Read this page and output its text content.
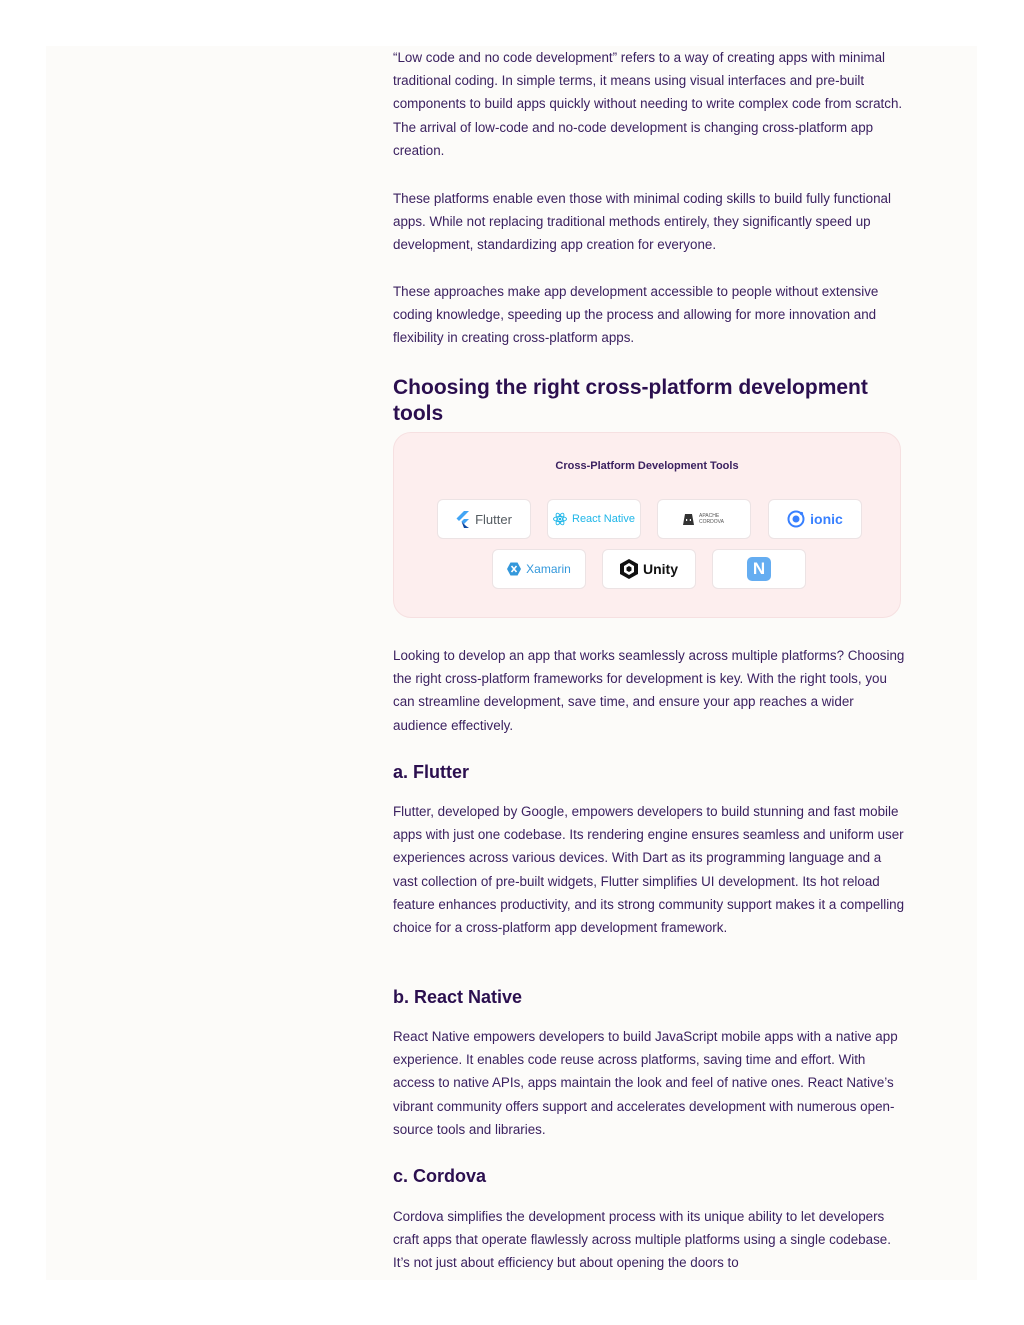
“Low code and no code development” refers to a way of creating apps with minimal traditional coding. In simple terms, it means using visual interfaces and pre-built components to build apps quickly without needing to write complex code from scratch. The arrival of low-code and no-code development is changing cross-platform app creation.

These platforms enable even those with minimal coding skills to build fully functional apps. While not replacing traditional methods entirely, they significantly speed up development, standardizing app creation for everyone.

These approaches make app development accessible to people without extensive coding knowledge, speeding up the process and allowing for more innovation and flexibility in creating cross-platform apps.

Choosing the right cross-platform development tools
Cross-Platform Development Tools
Flutter	React Native	APACHE CORDOVA	ionic
Xamarin	Unity	N

Looking to develop an app that works seamlessly across multiple platforms? Choosing the right cross-platform frameworks for development is key. With the right tools, you can streamline development, save time, and ensure your app reaches a wider audience effectively.

a. Flutter

Flutter, developed by Google, empowers developers to build stunning and fast mobile apps with just one codebase. Its rendering engine ensures seamless and uniform user experiences across various devices. With Dart as its programming language and a vast collection of pre-built widgets, Flutter simplifies UI development. Its hot reload feature enhances productivity, and its strong community support makes it a compelling choice for a cross-platform app development framework.

b. React Native

React Native empowers developers to build JavaScript mobile apps with a native app experience. It enables code reuse across platforms, saving time and effort. With access to native APIs, apps maintain the look and feel of native ones. React Native’s vibrant community offers support and accelerates development with numerous open-source tools and libraries.

c. Cordova

Cordova simplifies the development process with its unique ability to let developers craft apps that operate flawlessly across multiple platforms using a single codebase. It’s not just about efficiency but about opening the doors to
